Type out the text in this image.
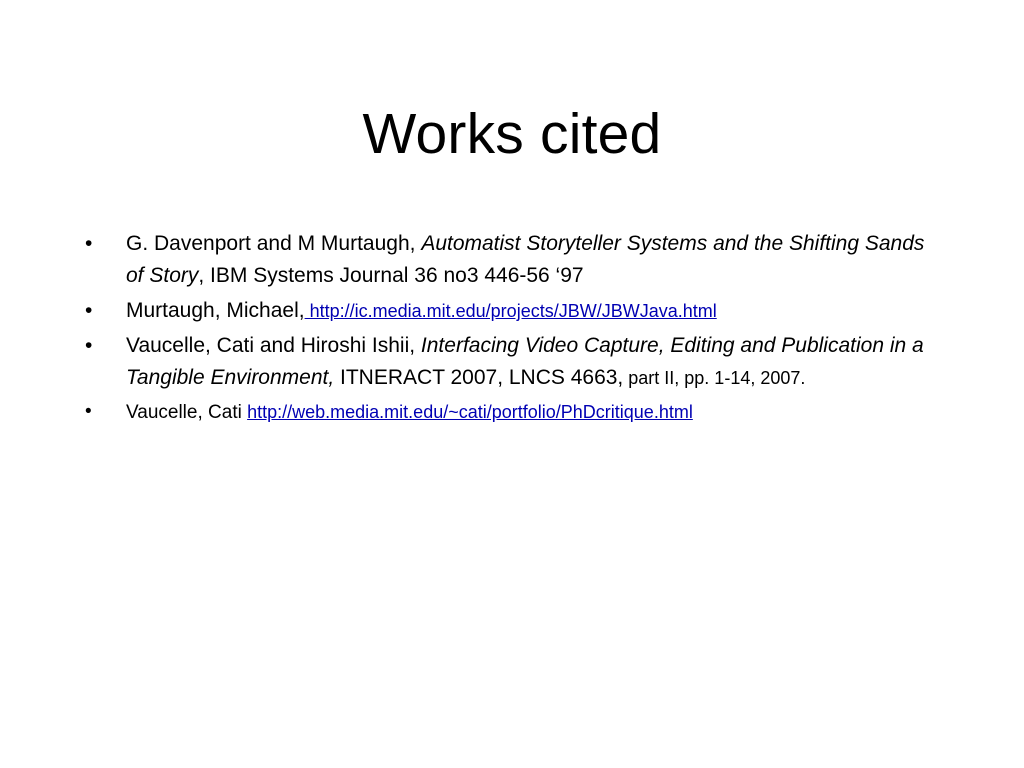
Works cited
•	G. Davenport and M Murtaugh, Automatist Storyteller Systems and the Shifting Sands of Story, IBM Systems Journal 36 no3 446-56 ‘97
•	Murtaugh, Michael, http://ic.media.mit.edu/projects/JBW/JBWJava.html
•	Vaucelle, Cati and Hiroshi Ishii, Interfacing Video Capture, Editing and Publication in a Tangible Environment, ITNERACT 2007, LNCS 4663, part II, pp. 1-14, 2007.
•	Vaucelle, Cati http://web.media.mit.edu/~cati/portfolio/PhDcritique.html
